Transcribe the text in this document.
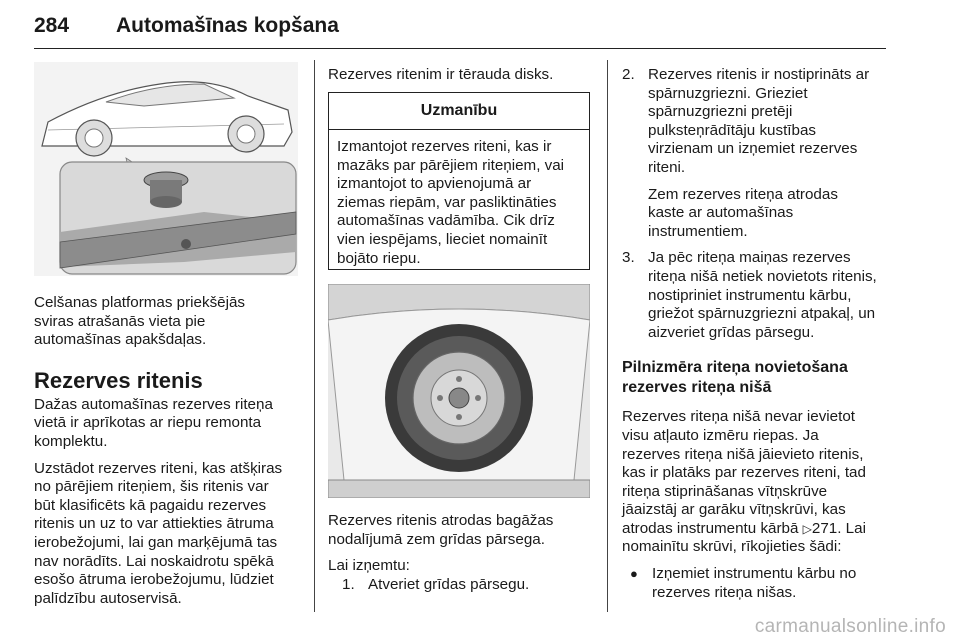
284 Automašīnas kopšana

Celšanas platformas priekšējās

sviras atrašanās vieta pie

automašīnas apakšdaļas.

Rezerves ritenis

Dažas automašīnas rezerves riteņa

vietā ir aprīkotas ar riepu remonta

komplektu.

Uzstādot rezerves riteni, kas atšķiras

no pārējiem riteņiem, šis ritenis var

būt klasificēts kā pagaidu rezerves

ritenis un uz to var attiekties ātruma

ierobežojumi, lai gan marķējumā tas

nav norādīts. Lai noskaidrotu spēkā

esošo ātruma ierobežojumu, lūdziet

palīdzību autoservisā.

Rezerves ritenim ir tērauda disks.

Uzmanību
Izmantojot rezerves riteni, kas ir
mazāks par pārējiem riteņiem, vai
izmantojot to apvienojumā ar
ziemas riepām, var pasliktināties
automašīnas vadāmība. Cik drīz
vien iespējams, lieciet nomainīt
bojāto riepu.

Rezerves ritenis atrodas bagāžas

nodalījumā zem grīdas pārsega.

Lai izņemtu:

1. Atveriet grīdas pārsegu.
2. Rezerves ritenis ir nostiprināts ar
spārnuzgriezni. Grieziet
spārnuzgriezni pretēji
pulksteņrādītāju kustības
virzienam un izņemiet rezerves
riteni.
Zem rezerves riteņa atrodas
kaste ar automašīnas
instrumentiem.
3. Ja pēc riteņa maiņas rezerves
riteņa nišā netiek novietots ritenis,
nostipriniet instrumentu kārbu,
griežot spārnuzgriezni atpakaļ, un
aizveriet grīdas pārsegu.

Pilnizmēra riteņa novietošana

rezerves riteņa nišā

Rezerves riteņa nišā nevar ievietot

visu atļauto izmēru riepas. Ja

rezerves riteņa nišā jāievieto ritenis,

kas ir platāks par rezerves riteni, tad

riteņa stiprināšanas vītņskrūve

jāaizstāj ar garāku vītņskrūvi, kas

atrodas instrumentu kārbā ▷271. Lai

nomainītu skrūvi, rīkojieties šādi:

● Izņemiet instrumentu kārbu no
rezerves riteņa nišas.
carmanualsonline.info
